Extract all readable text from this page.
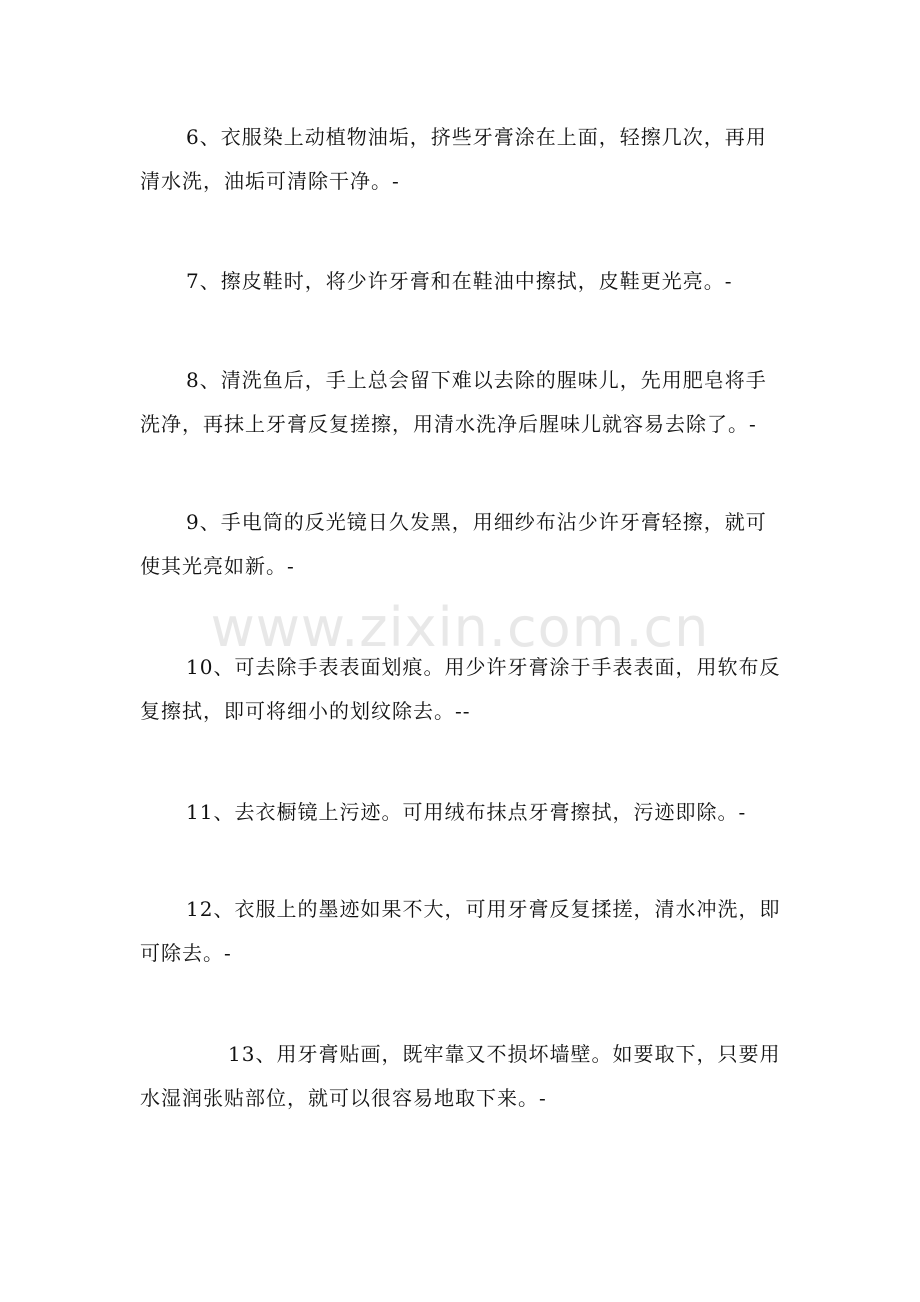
6、衣服染上动植物油垢，挤些牙膏涂在上面，轻擦几次，再用清水洗，油垢可清除干净。-

7、擦皮鞋时，将少许牙膏和在鞋油中擦拭，皮鞋更光亮。-

8、清洗鱼后，手上总会留下难以去除的腥味儿，先用肥皂将手洗净，再抹上牙膏反复搓擦，用清水洗净后腥味儿就容易去除了。-

9、手电筒的反光镜日久发黑，用细纱布沾少许牙膏轻擦，就可使其光亮如新。-

10、可去除手表表面划痕。用少许牙膏涂于手表表面，用软布反复擦拭，即可将细小的划纹除去。--

11、去衣橱镜上污迹。可用绒布抹点牙膏擦拭，污迹即除。-

12、衣服上的墨迹如果不大，可用牙膏反复揉搓，清水冲洗，即可除去。-

13、用牙膏贴画，既牢靠又不损坏墙壁。如要取下，只要用水湿润张贴部位，就可以很容易地取下来。-

www.zixin.com.cn
